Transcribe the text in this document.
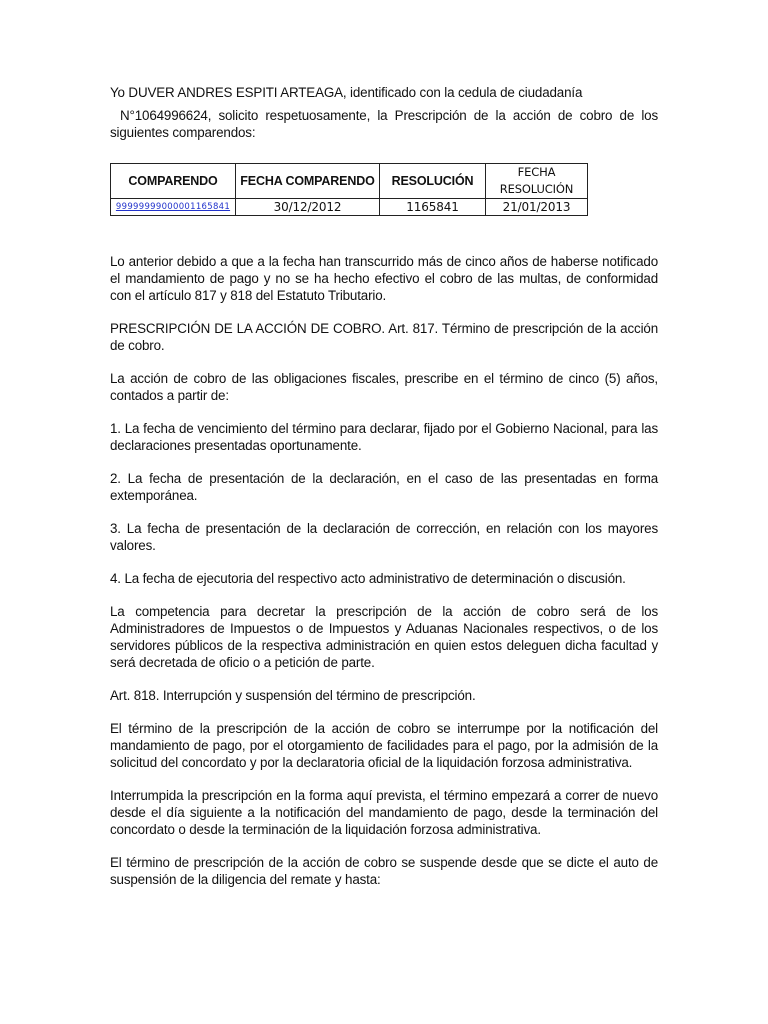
Yo DUVER ANDRES ESPITI ARTEAGA, identificado con la cedula de ciudadanía

N°1064996624, solicito respetuosamente, la Prescripción de la acción de cobro de los siguientes comparendos:

COMPARENDO	FECHA COMPARENDO	RESOLUCIÓN	FECHA RESOLUCIÓN
99999999000001165841	30/12/2012	1165841	21/01/2013

Lo anterior debido a que a la fecha han transcurrido más de cinco años de haberse notificado el mandamiento de pago y no se ha hecho efectivo el cobro de las multas, de conformidad con el artículo 817 y 818 del Estatuto Tributario.

PRESCRIPCIÓN DE LA ACCIÓN DE COBRO. Art. 817. Término de prescripción de la acción de cobro.

La acción de cobro de las obligaciones fiscales, prescribe en el término de cinco (5) años, contados a partir de:

1. La fecha de vencimiento del término para declarar, fijado por el Gobierno Nacional, para las declaraciones presentadas oportunamente.

2. La fecha de presentación de la declaración, en el caso de las presentadas en forma extemporánea.

3. La fecha de presentación de la declaración de corrección, en relación con los mayores valores.

4. La fecha de ejecutoria del respectivo acto administrativo de determinación o discusión.

La competencia para decretar la prescripción de la acción de cobro será de los Administradores de Impuestos o de Impuestos y Aduanas Nacionales respectivos, o de los servidores públicos de la respectiva administración en quien estos deleguen dicha facultad y será decretada de oficio o a petición de parte.

Art. 818. Interrupción y suspensión del término de prescripción.

El término de la prescripción de la acción de cobro se interrumpe por la notificación del mandamiento de pago, por el otorgamiento de facilidades para el pago, por la admisión de la solicitud del concordato y por la declaratoria oficial de la liquidación forzosa administrativa.

Interrumpida la prescripción en la forma aquí prevista, el término empezará a correr de nuevo desde el día siguiente a la notificación del mandamiento de pago, desde la terminación del concordato o desde la terminación de la liquidación forzosa administrativa.

El término de prescripción de la acción de cobro se suspende desde que se dicte el auto de suspensión de la diligencia del remate y hasta:
